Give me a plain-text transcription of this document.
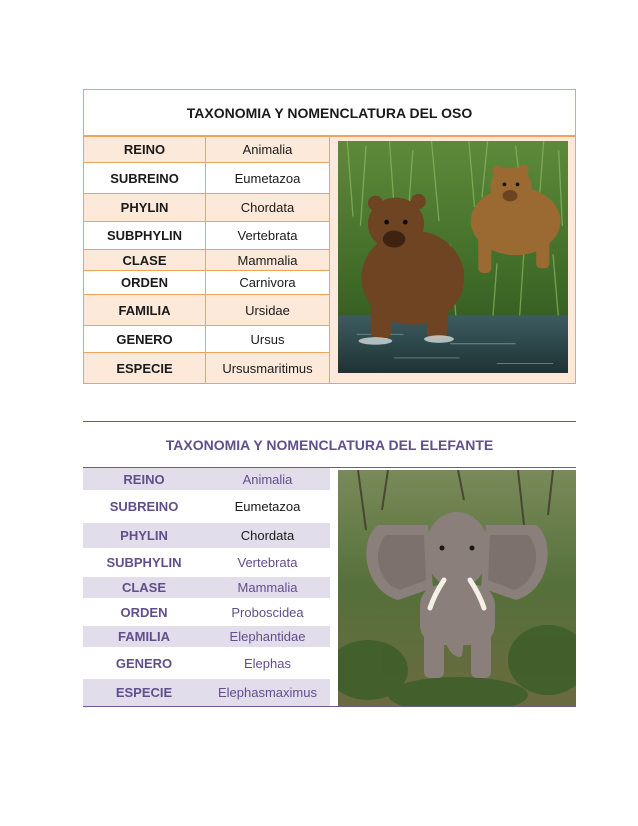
TAXONOMIA Y NOMENCLATURA DEL OSO
REINO	Animalia
SUBREINO	Eumetazoa
PHYLIN	Chordata
SUBPHYLIN	Vertebrata
CLASE	Mammalia
ORDEN	Carnivora
FAMILIA	Ursidae
GENERO	Ursus
ESPECIE	Ursusmaritimus
TAXONOMIA Y NOMENCLATURA DEL ELEFANTE
REINO	Animalia
SUBREINO	Eumetazoa
PHYLIN	Chordata
SUBPHYLIN	Vertebrata
CLASE	Mammalia
ORDEN	Proboscidea
FAMILIA	Elephantidae
GENERO	Elephas
ESPECIE	Elephasmaximus
